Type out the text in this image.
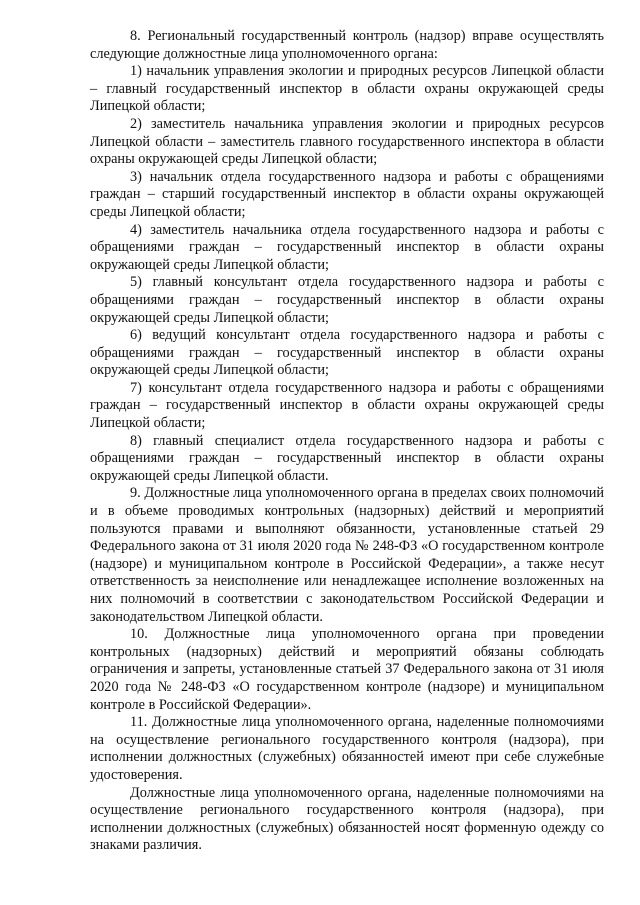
8. Региональный государственный контроль (надзор) вправе осуществлять следующие должностные лица уполномоченного органа:

1) начальник управления экологии и природных ресурсов Липецкой области – главный государственный инспектор в области охраны окружающей среды Липецкой области;

2) заместитель начальника управления экологии и природных ресурсов Липецкой области – заместитель главного государственного инспектора в области охраны окружающей среды Липецкой области;

3) начальник отдела государственного надзора и работы с обращениями граждан – старший государственный инспектор в области охраны окружающей среды Липецкой области;

4) заместитель начальника отдела государственного надзора и работы с обращениями граждан – государственный инспектор в области охраны окружающей среды Липецкой области;

5) главный консультант отдела государственного надзора и работы с обращениями граждан – государственный инспектор в области охраны окружающей среды Липецкой области;

6) ведущий консультант отдела государственного надзора и работы с обращениями граждан – государственный инспектор в области охраны окружающей среды Липецкой области;

7) консультант отдела государственного надзора и работы с обращениями граждан – государственный инспектор в области охраны окружающей среды Липецкой области;

8) главный специалист отдела государственного надзора и работы с обращениями граждан – государственный инспектор в области охраны окружающей среды Липецкой области.

9. Должностные лица уполномоченного органа в пределах своих полномочий и в объеме проводимых контрольных (надзорных) действий и мероприятий пользуются правами и выполняют обязанности, установленные статьей 29 Федерального закона от 31 июля 2020 года № 248-ФЗ «О государственном контроле (надзоре) и муниципальном контроле в Российской Федерации», а также несут ответственность за неисполнение или ненадлежащее исполнение возложенных на них полномочий в соответствии с законодательством Российской Федерации и законодательством Липецкой области.

10. Должностные лица уполномоченного органа при проведении контрольных (надзорных) действий и мероприятий обязаны соблюдать ограничения и запреты, установленные статьей 37 Федерального закона от 31 июля 2020 года № 248-ФЗ «О государственном контроле (надзоре) и муниципальном контроле в Российской Федерации».

11. Должностные лица уполномоченного органа, наделенные полномочиями на осуществление регионального государственного контроля (надзора), при исполнении должностных (служебных) обязанностей имеют при себе служебные удостоверения.

Должностные лица уполномоченного органа, наделенные полномочиями на осуществление регионального государственного контроля (надзора), при исполнении должностных (служебных) обязанностей носят форменную одежду со знаками различия.
